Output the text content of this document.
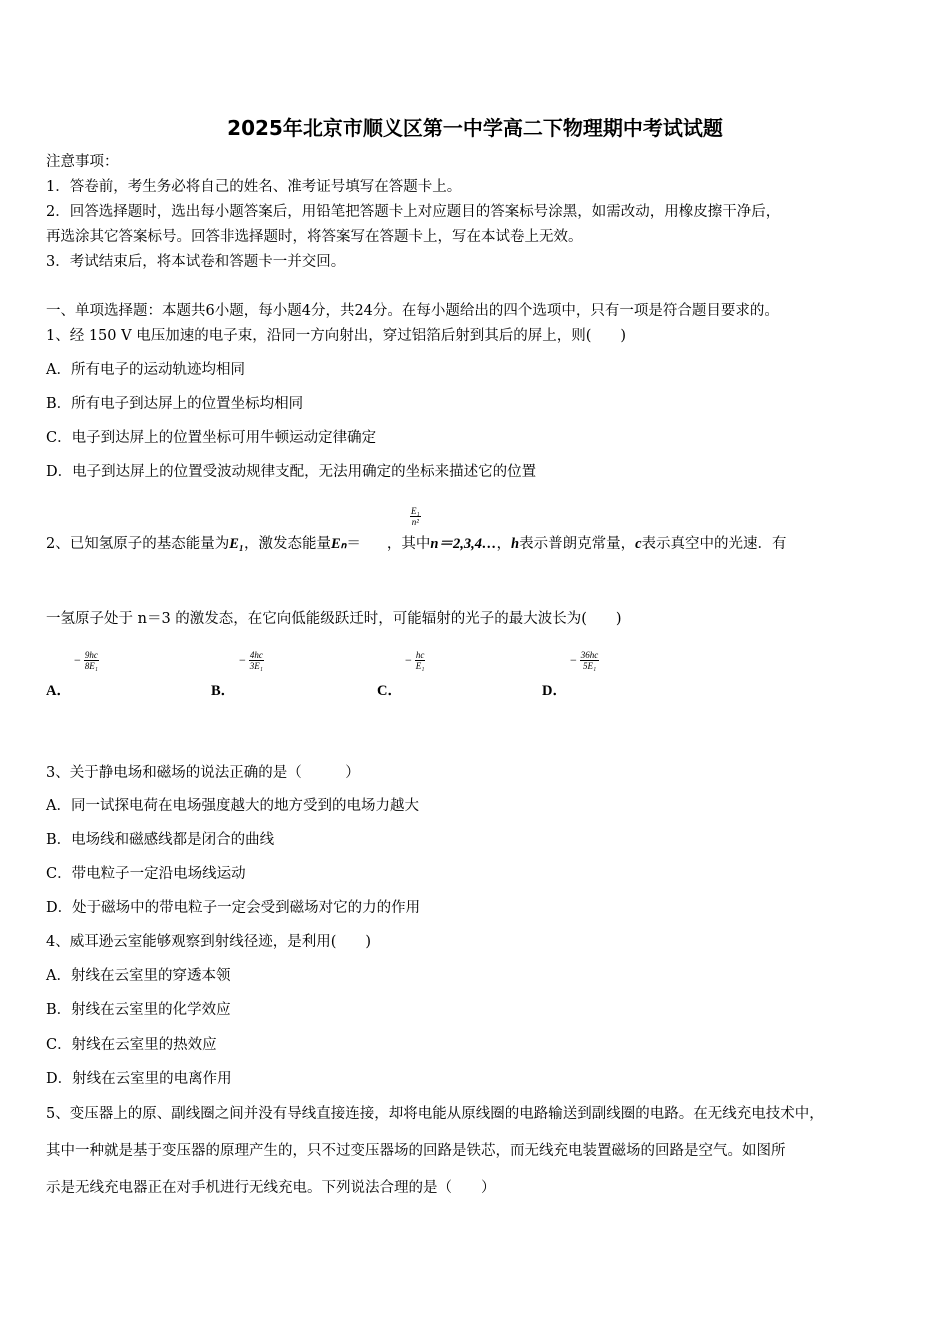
2025年北京市顺义区第一中学高二下物理期中考试试题
注意事项：
1．答卷前，考生务必将自己的姓名、准考证号填写在答题卡上。
2．回答选择题时，选出每小题答案后，用铅笔把答题卡上对应题目的答案标号涂黑，如需改动，用橡皮擦干净后，
再选涂其它答案标号。回答非选择题时，将答案写在答题卡上，写在本试卷上无效。
3．考试结束后，将本试卷和答题卡一并交回。
一、单项选择题：本题共6小题，每小题4分，共24分。在每小题给出的四个选项中，只有一项是符合题目要求的。
1、经 150 V 电压加速的电子束，沿同一方向射出，穿过铝箔后射到其后的屏上，则(　　)
A．所有电子的运动轨迹均相同
B．所有电子到达屏上的位置坐标均相同
C．电子到达屏上的位置坐标可用牛顿运动定律确定
D．电子到达屏上的位置受波动规律支配，无法用确定的坐标来描述它的位置
2、已知氢原子的基态能量为E₁，激发态能量Eₙ＝ ，其中n＝2,3,4…，h表示普朗克常量，c表示真空中的光速．有
$\frac{\text{E₁}}{\text{n²}}$
一氢原子处于 n＝3 的激发态，在它向低能级跃迁时，可能辐射的光子的最大波长为(　　)
− $\frac{9hc}{\text{8E₁}}$
A．
− $\frac{4hc}{\text{3E₁}}$
B．
− $\frac{hc}{\text{E₁}}$
C．
− $\frac{36hc}{\text{5E₁}}$
D．
3、关于静电场和磁场的说法正确的是（　　　）
A．同一试探电荷在电场强度越大的地方受到的电场力越大
B．电场线和磁感线都是闭合的曲线
C．带电粒子一定沿电场线运动
D．处于磁场中的带电粒子一定会受到磁场对它的力的作用
4、威耳逊云室能够观察到射线径迹，是利用(　　)
A．射线在云室里的穿透本领
B．射线在云室里的化学效应
C．射线在云室里的热效应
D．射线在云室里的电离作用
5、变压器上的原、副线圈之间并没有导线直接连接，却将电能从原线圈的电路输送到副线圈的电路。在无线充电技术中，
其中一种就是基于变压器的原理产生的，只不过变压器场的回路是铁芯，而无线充电装置磁场的回路是空气。如图所
示是无线充电器正在对手机进行无线充电。下列说法合理的是（　　）
